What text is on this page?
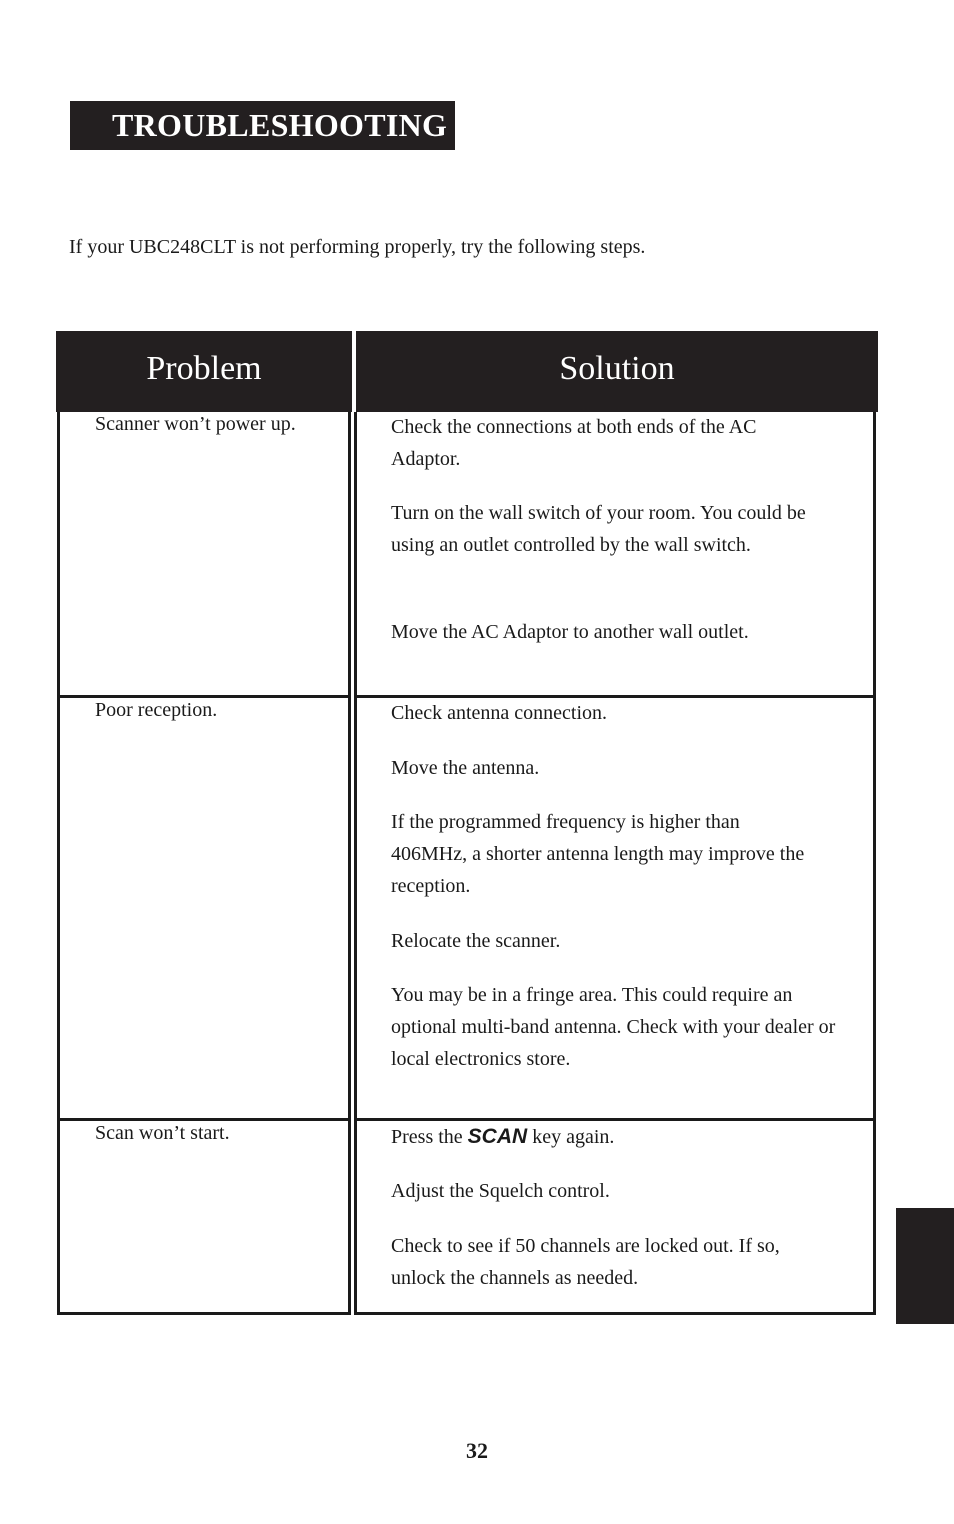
TROUBLESHOOTING
If your UBC248CLT is not performing properly, try the following steps.
Problem	Solution
Scanner won’t power up.	Check the connections at both ends of the AC Adaptor.
Turn on the wall switch of your room. You could be using an outlet controlled by the wall switch.
Move the AC Adaptor to another wall outlet.
Poor reception.	Check antenna connection.
Move the antenna.
If the programmed frequency is higher than 406MHz, a shorter antenna length may improve the reception.
Relocate the scanner.
You may be in a fringe area. This could require an optional multi-band antenna. Check with your dealer or local electronics store.
Scan won’t start.	Press the SCAN key again.
Adjust the Squelch control.
Check to see if 50 channels are locked out. If so, unlock the channels as needed.
32
